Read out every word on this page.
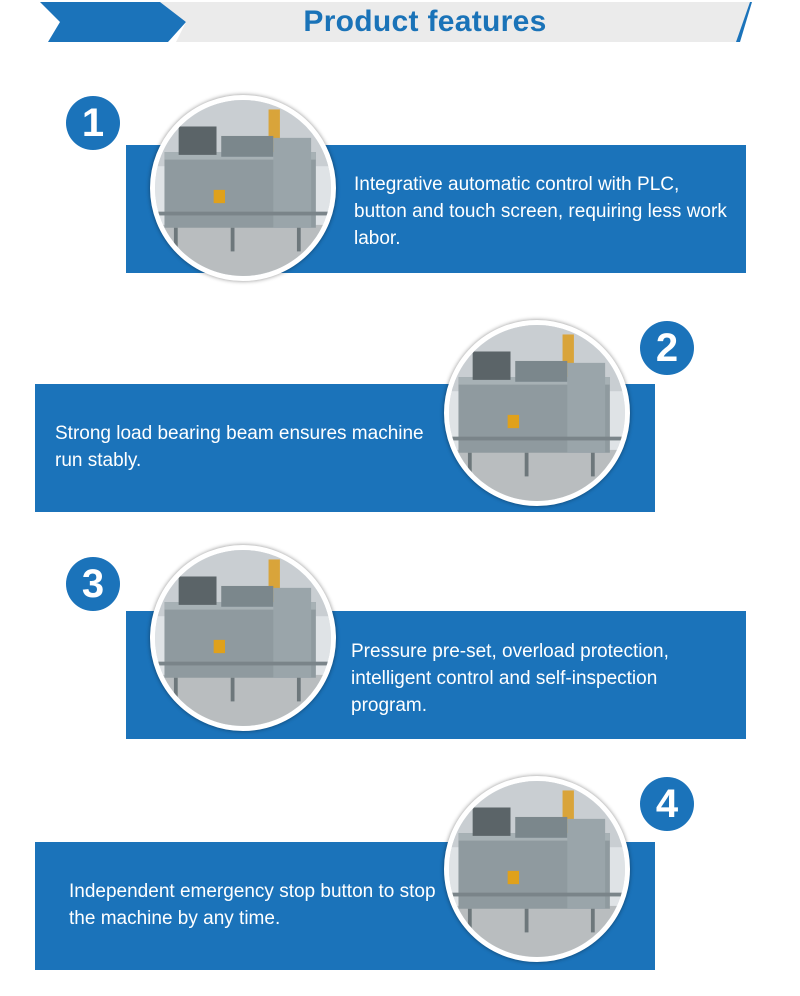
Product features
Integrative automatic control with PLC, button and touch screen, requiring less work labor.
1
Strong load bearing beam ensures machine run stably.
2
Pressure pre-set, overload protection, intelligent control and self-inspection program.
3
Independent emergency stop button to stop the machine by any time.
4
